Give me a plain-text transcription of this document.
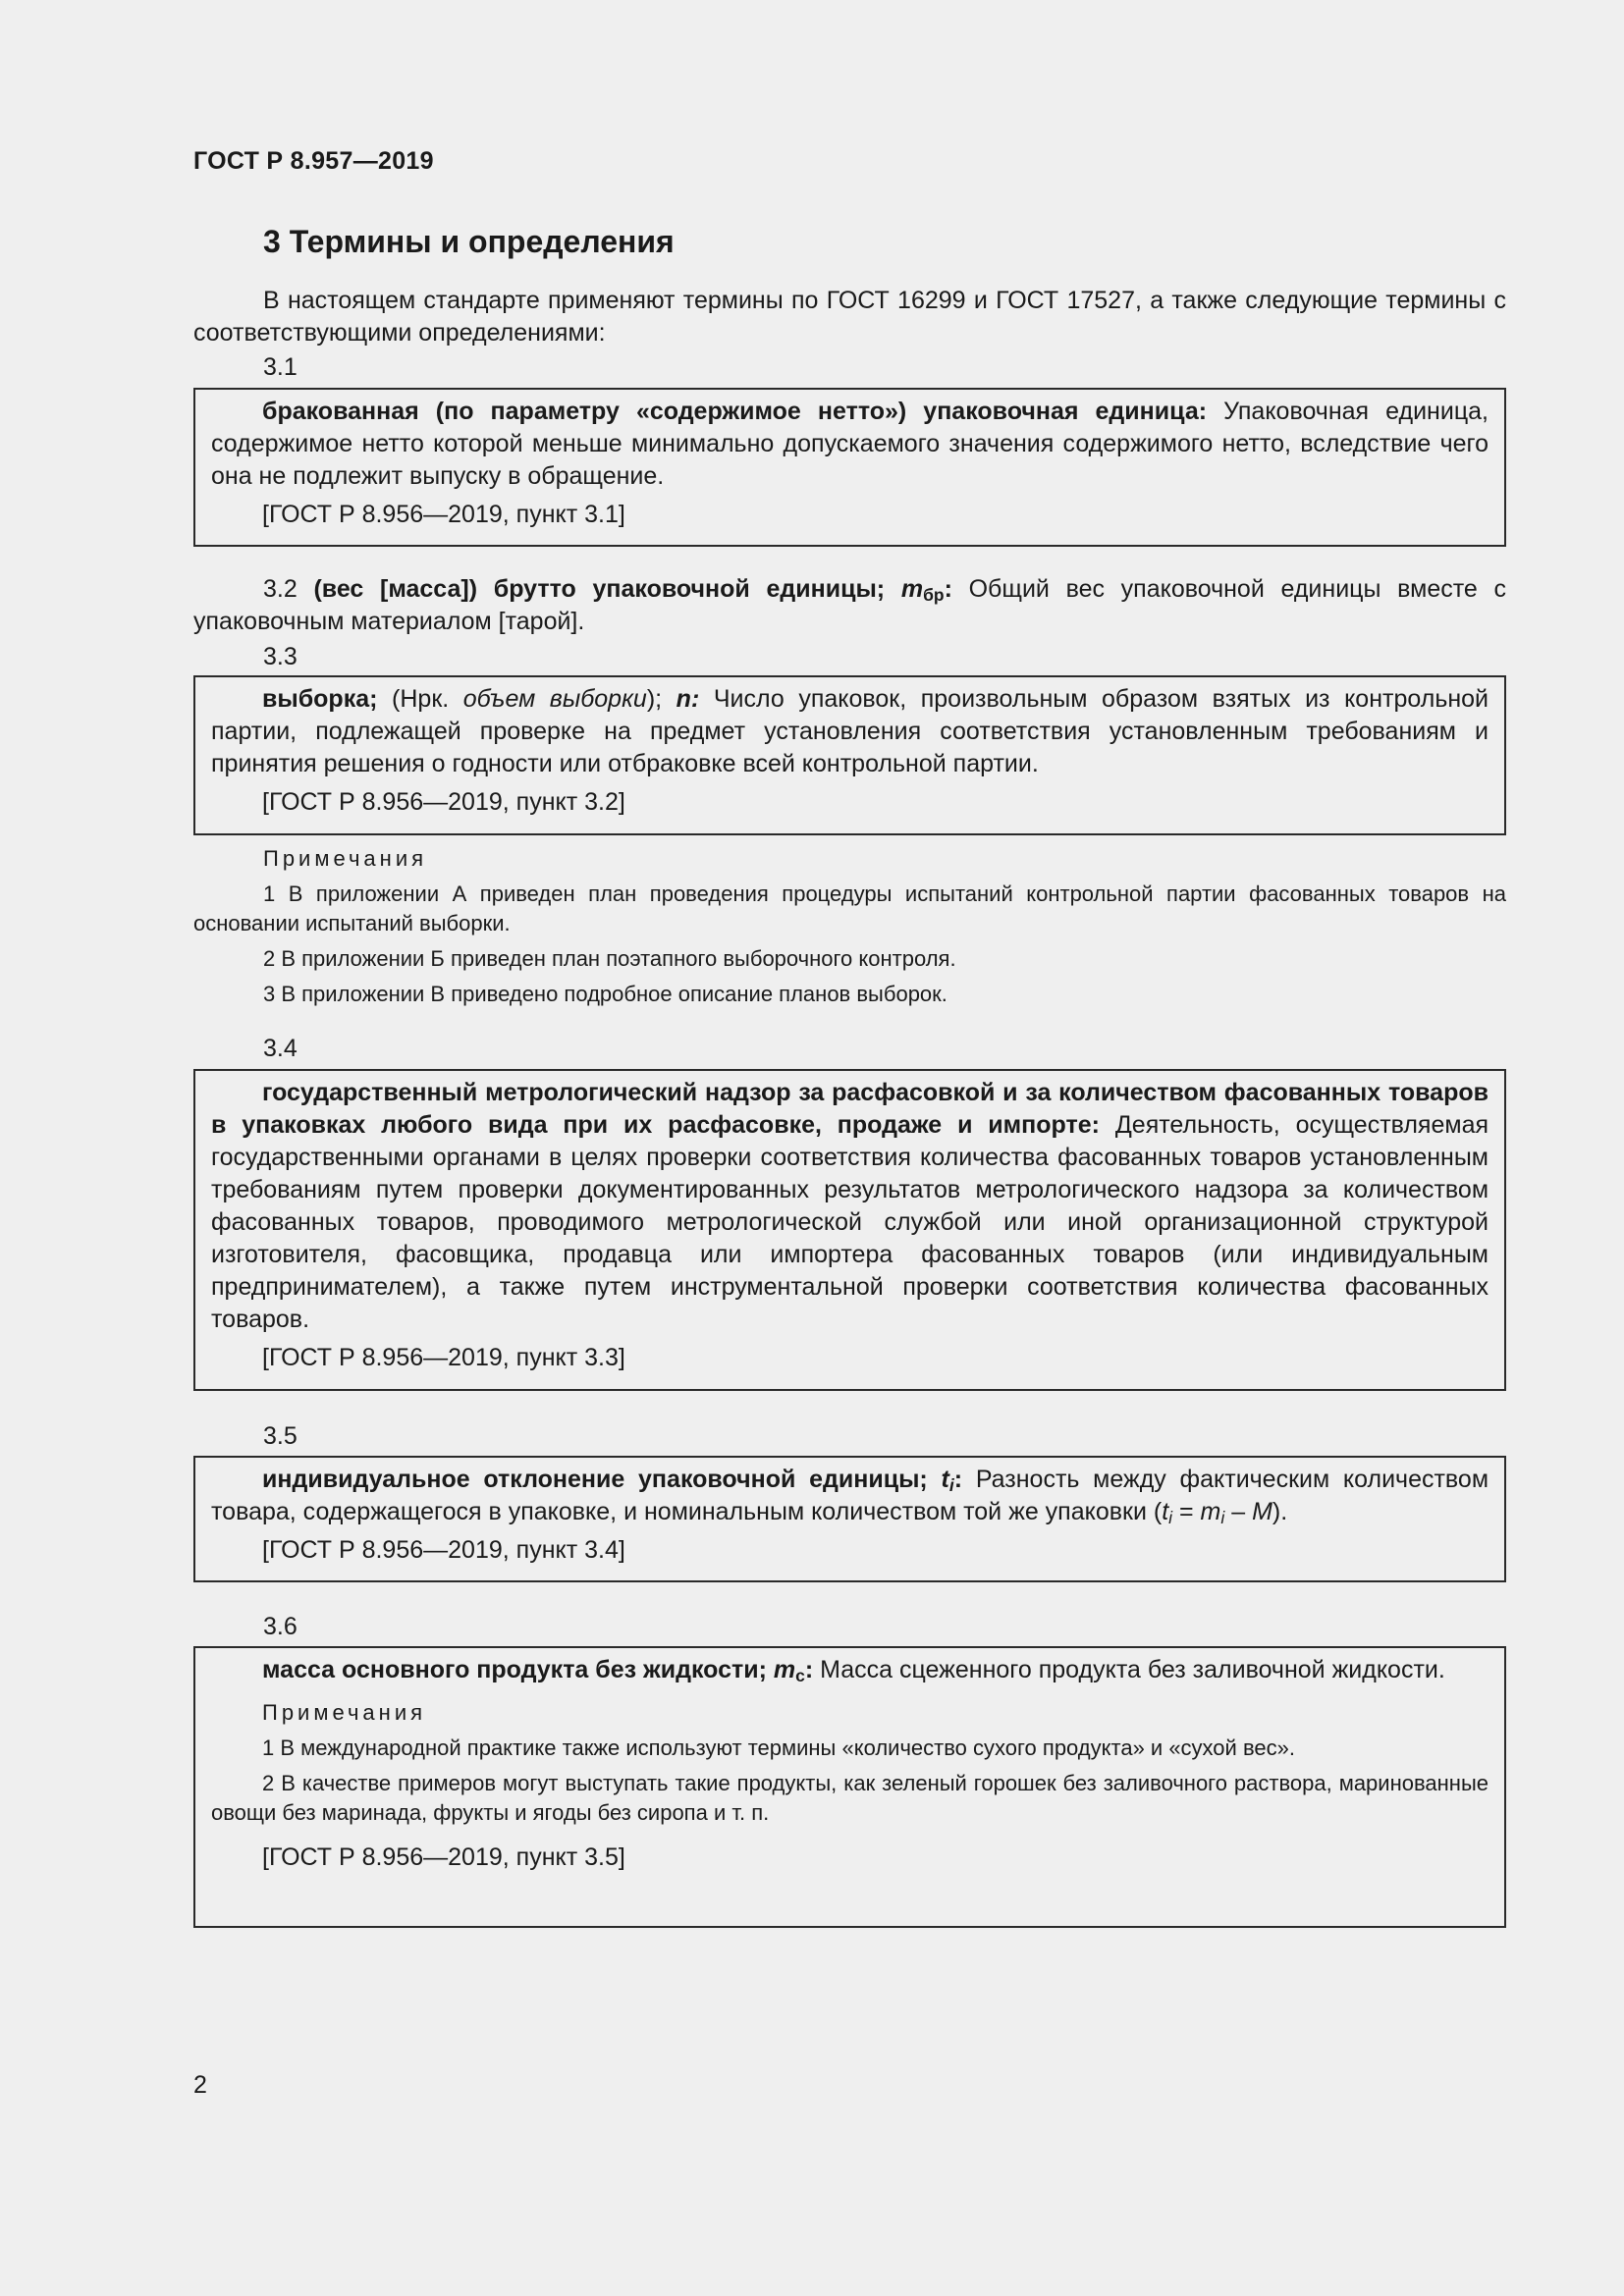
ГОСТ Р 8.957—2019
3 Термины и определения
В настоящем стандарте применяют термины по ГОСТ 16299 и ГОСТ 17527, а также следующие термины с соответствующими определениями:
3.1

бракованная (по параметру «содержимое нетто») упаковочная единица: Упаковочная единица, содержимое нетто которой меньше минимально допускаемого значения содержимого нетто, вследствие чего она не подлежит выпуску в обращение.

[ГОСТ Р 8.956—2019, пункт 3.1]

3.2 (вес [масса]) брутто упаковочной единицы; $m_{бр}$: Общий вес упаковочной единицы вместе с упаковочным материалом [тарой].
3.3

выборка; (Нрк. объем выборки); n: Число упаковок, произвольным образом взятых из контрольной партии, подлежащей проверке на предмет установления соответствия установленным требованиям и принятия решения о годности или отбраковке всей контрольной партии.

[ГОСТ Р 8.956—2019, пункт 3.2]

Примечания
1 В приложении А приведен план проведения процедуры испытаний контрольной партии фасованных товаров на основании испытаний выборки.
2 В приложении Б приведен план поэтапного выборочного контроля.
3 В приложении В приведено подробное описание планов выборок.
3.4

государственный метрологический надзор за расфасовкой и за количеством фасованных товаров в упаковках любого вида при их расфасовке, продаже и импорте: Деятельность, осуществляемая государственными органами в целях проверки соответствия количества фасованных товаров установленным требованиям путем проверки документированных результатов метрологического надзора за количеством фасованных товаров, проводимого метрологической службой или иной организационной структурой изготовителя, фасовщика, продавца или импортера фасованных товаров (или индивидуальным предпринимателем), а также путем инструментальной проверки соответствия количества фасованных товаров.

[ГОСТ Р 8.956—2019, пункт 3.3]

3.5

индивидуальное отклонение упаковочной единицы; $t_i$: Разность между фактическим количеством товара, содержащегося в упаковке, и номинальным количеством той же упаковки $(t_i = m_i - M)$.

[ГОСТ Р 8.956—2019, пункт 3.4]

3.6

масса основного продукта без жидкости; $m_c$: Масса сцеженного продукта без заливочной жидкости.

Примечания
1 В международной практике также используют термины «количество сухого продукта» и «сухой вес».
2 В качестве примеров могут выступать такие продукты, как зеленый горошек без заливочного раствора, маринованные овощи без маринада, фрукты и ягоды без сиропа и т. п.

[ГОСТ Р 8.956—2019, пункт 3.5]

2
